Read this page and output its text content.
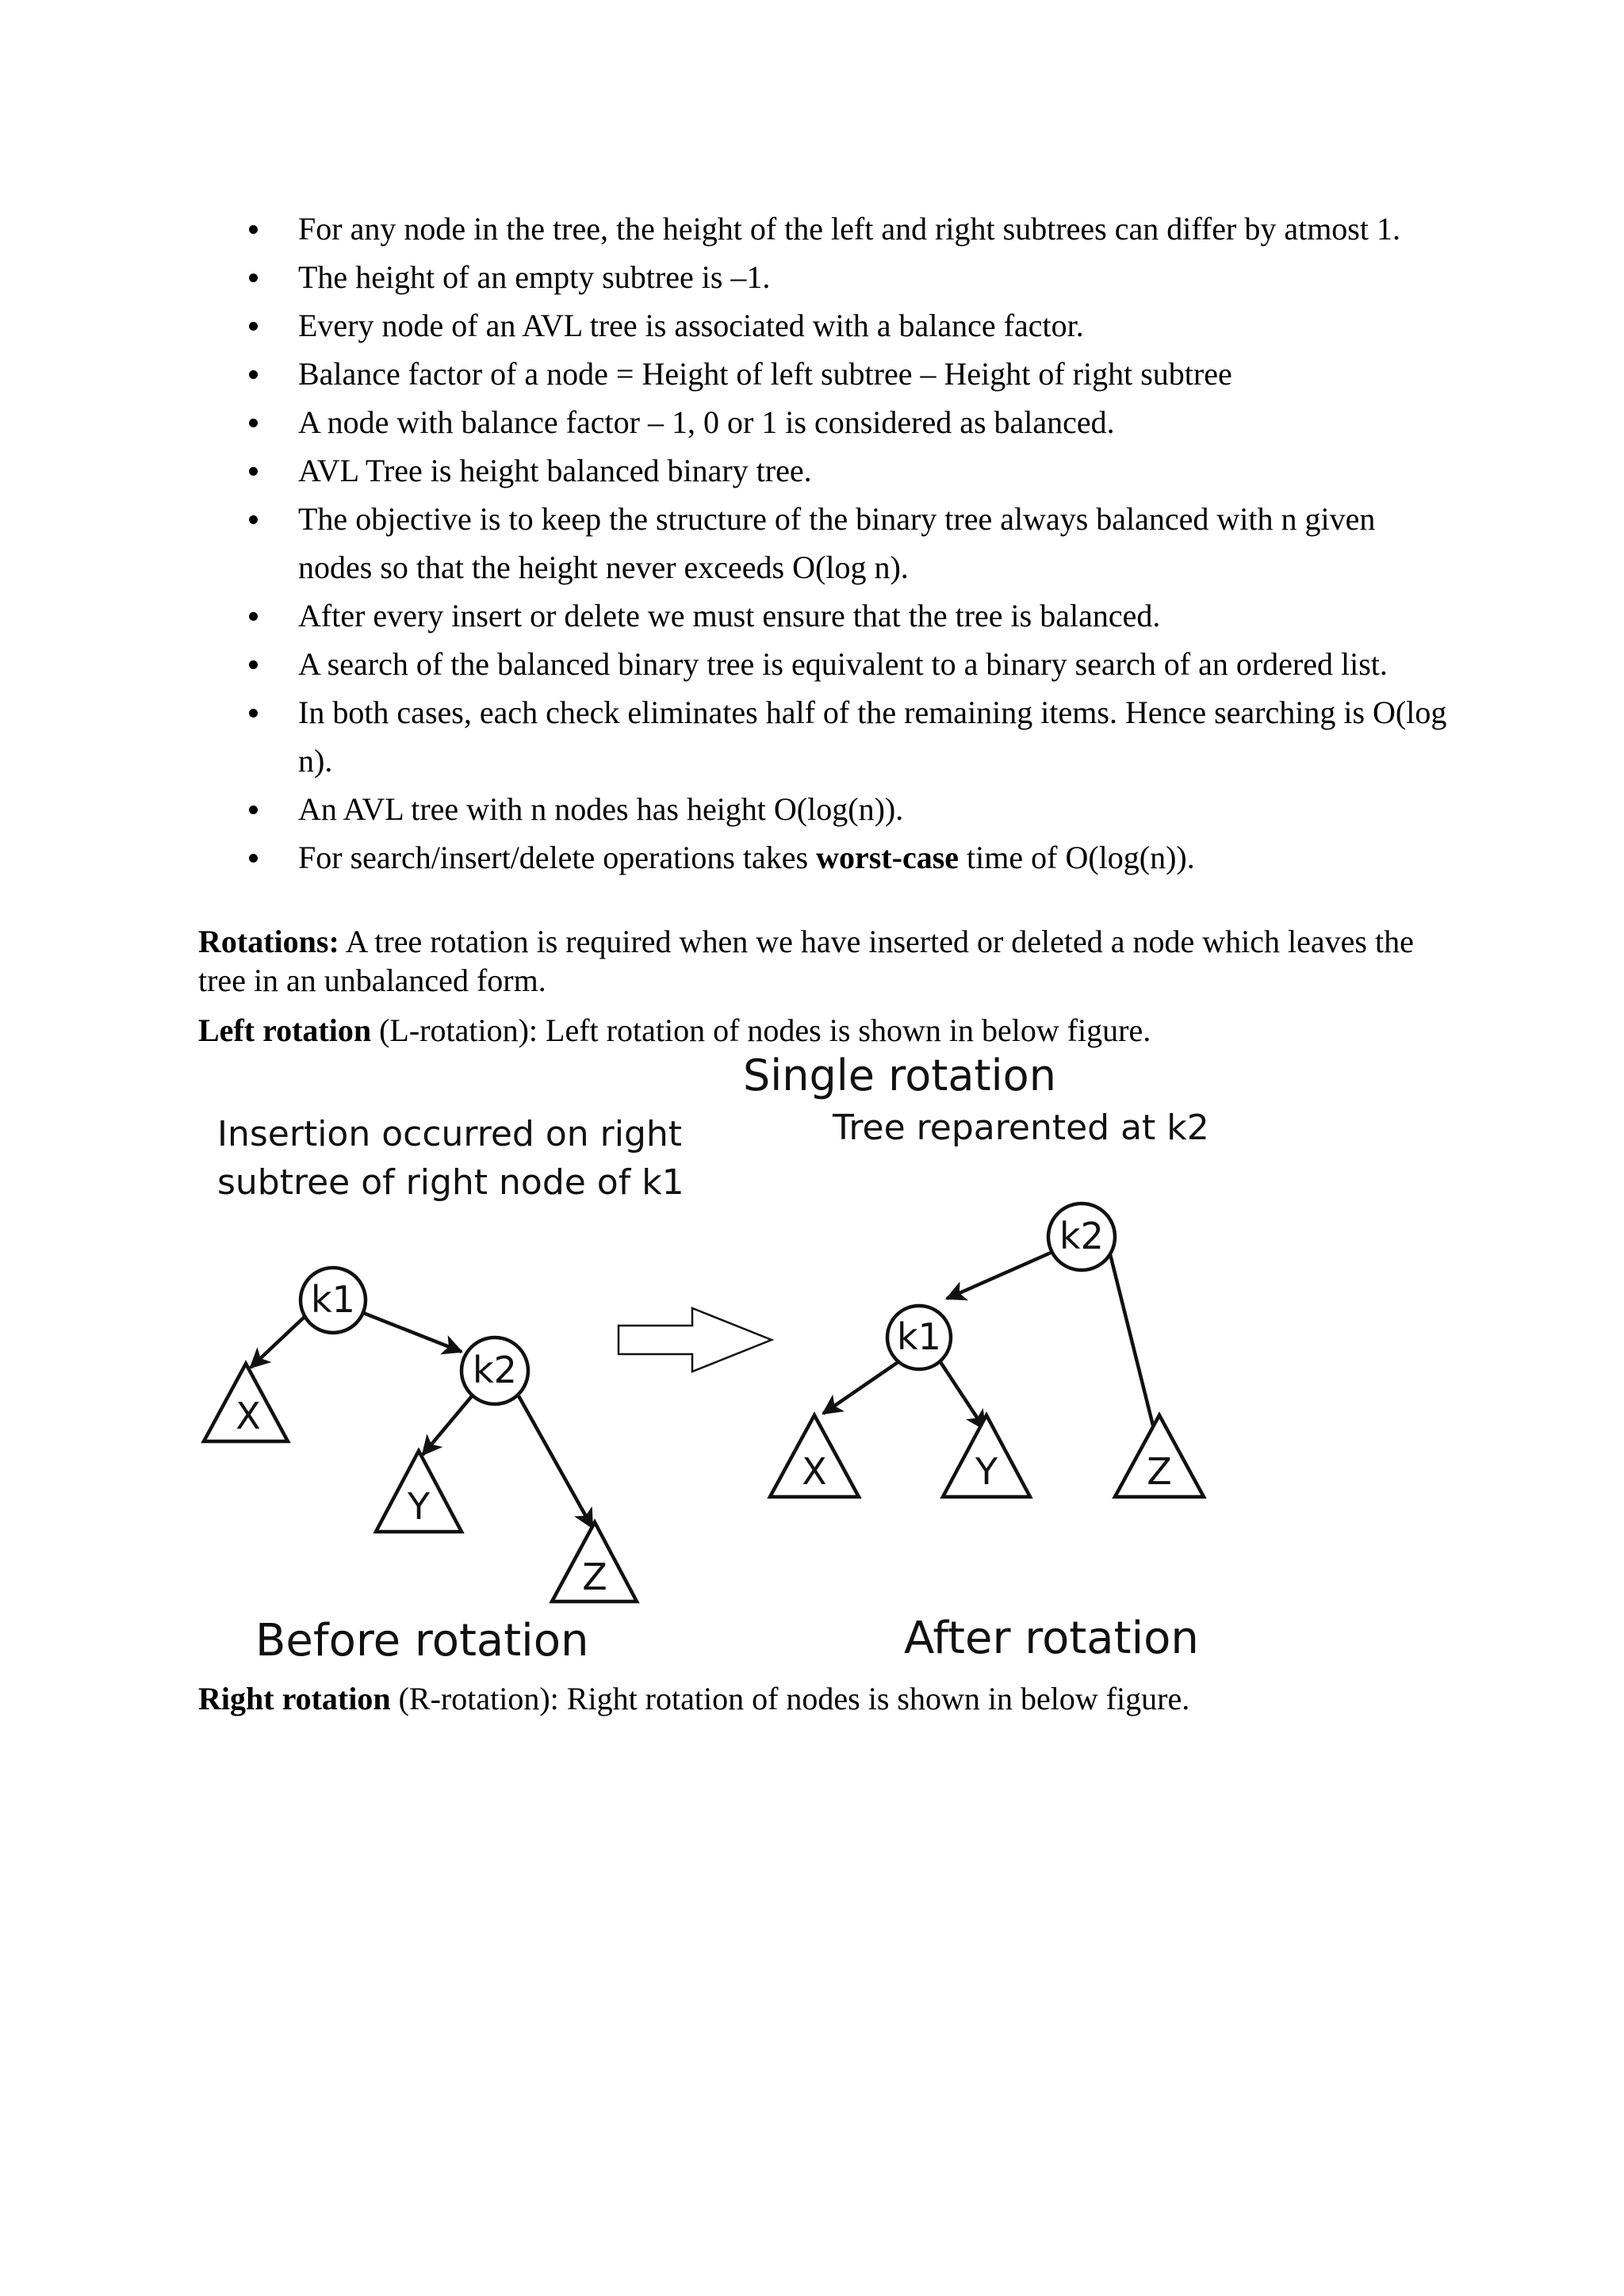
For any node in the tree, the height of the left and right subtrees can differ by atmost 1.
The height of an empty subtree is –1.
Every node of an AVL tree is associated with a balance factor.
Balance factor of a node = Height of left subtree – Height of right subtree
A node with balance factor – 1, 0 or 1 is considered as balanced.
AVL Tree is height balanced binary tree.
The objective is to keep the structure of the binary tree always balanced with n given nodes so that the height never exceeds O(log n).
After every insert or delete we must ensure that the tree is balanced.
A search of the balanced binary tree is equivalent to a binary search of an ordered list.
In both cases, each check eliminates half of the remaining items. Hence searching is O(log n).
An AVL tree with n nodes has height O(log(n)).
For search/insert/delete operations takes worst-case time of O(log(n)).

Rotations: A tree rotation is required when we have inserted or deleted a node which leaves the tree in an unbalanced form.

Left rotation (L-rotation): Left rotation of nodes is shown in below figure.

Single rotation
Insertion occurred on right
subtree of right node of k1
Tree reparented at k2
k1
k2
X
Y
Z
k2
k1
X	Y	Z
Before rotation	After rotation

Right rotation (R-rotation): Right rotation of nodes is shown in below figure.
